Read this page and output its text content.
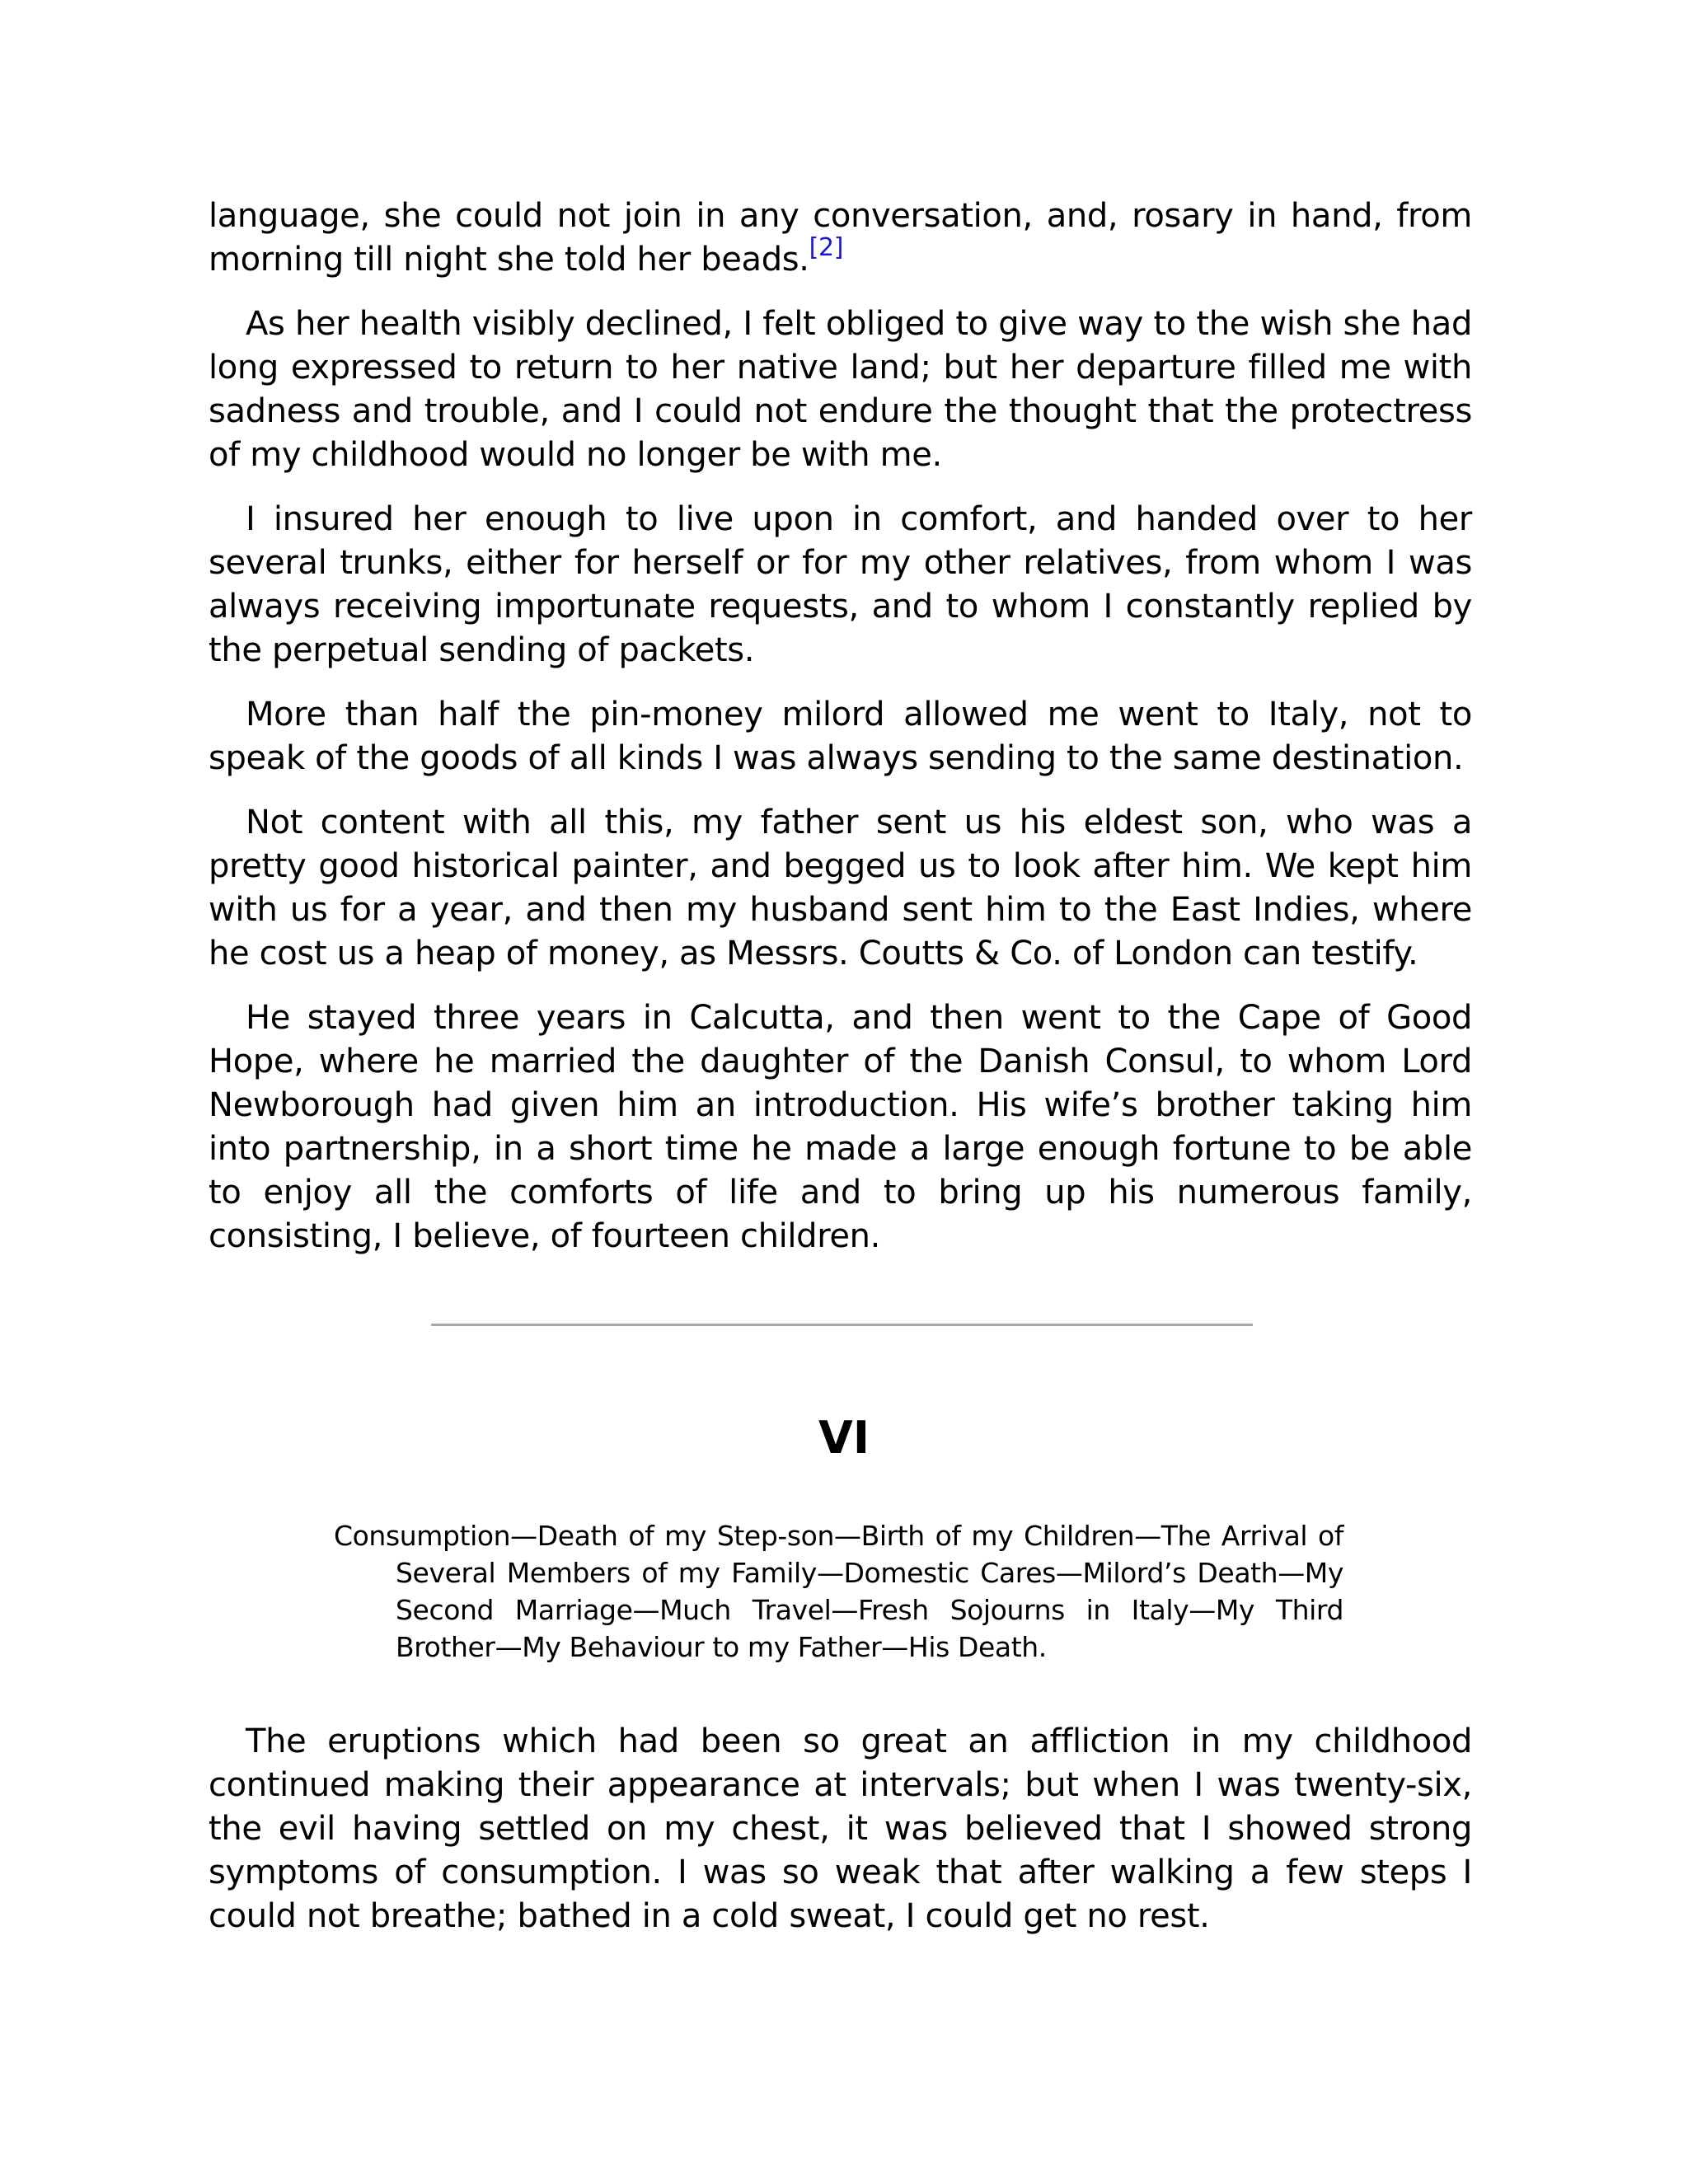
language, she could not join in any conversation, and, rosary in hand, from morning till night she told her beads.[2]

As her health visibly declined, I felt obliged to give way to the wish she had long expressed to return to her native land; but her departure filled me with sadness and trouble, and I could not endure the thought that the protectress of my childhood would no longer be with me.

I insured her enough to live upon in comfort, and handed over to her several trunks, either for herself or for my other relatives, from whom I was always receiving importunate requests, and to whom I constantly replied by the perpetual sending of packets.

More than half the pin-money milord allowed me went to Italy, not to speak of the goods of all kinds I was always sending to the same destination.

Not content with all this, my father sent us his eldest son, who was a pretty good historical painter, and begged us to look after him. We kept him with us for a year, and then my husband sent him to the East Indies, where he cost us a heap of money, as Messrs. Coutts & Co. of London can testify.

He stayed three years in Calcutta, and then went to the Cape of Good Hope, where he married the daughter of the Danish Consul, to whom Lord Newborough had given him an introduction. His wife’s brother taking him into partnership, in a short time he made a large enough fortune to be able to enjoy all the comforts of life and to bring up his numerous family, consisting, I believe, of fourteen children.

VI

Consumption—Death of my Step-son—Birth of my Children—The Arrival of Several Members of my Family—Domestic Cares—Milord’s Death—My Second Marriage—Much Travel—Fresh Sojourns in Italy—My Third Brother—My Behaviour to my Father—His Death.

The eruptions which had been so great an affliction in my childhood continued making their appearance at intervals; but when I was twenty-six, the evil having settled on my chest, it was believed that I showed strong symptoms of consumption. I was so weak that after walking a few steps I could not breathe; bathed in a cold sweat, I could get no rest.
